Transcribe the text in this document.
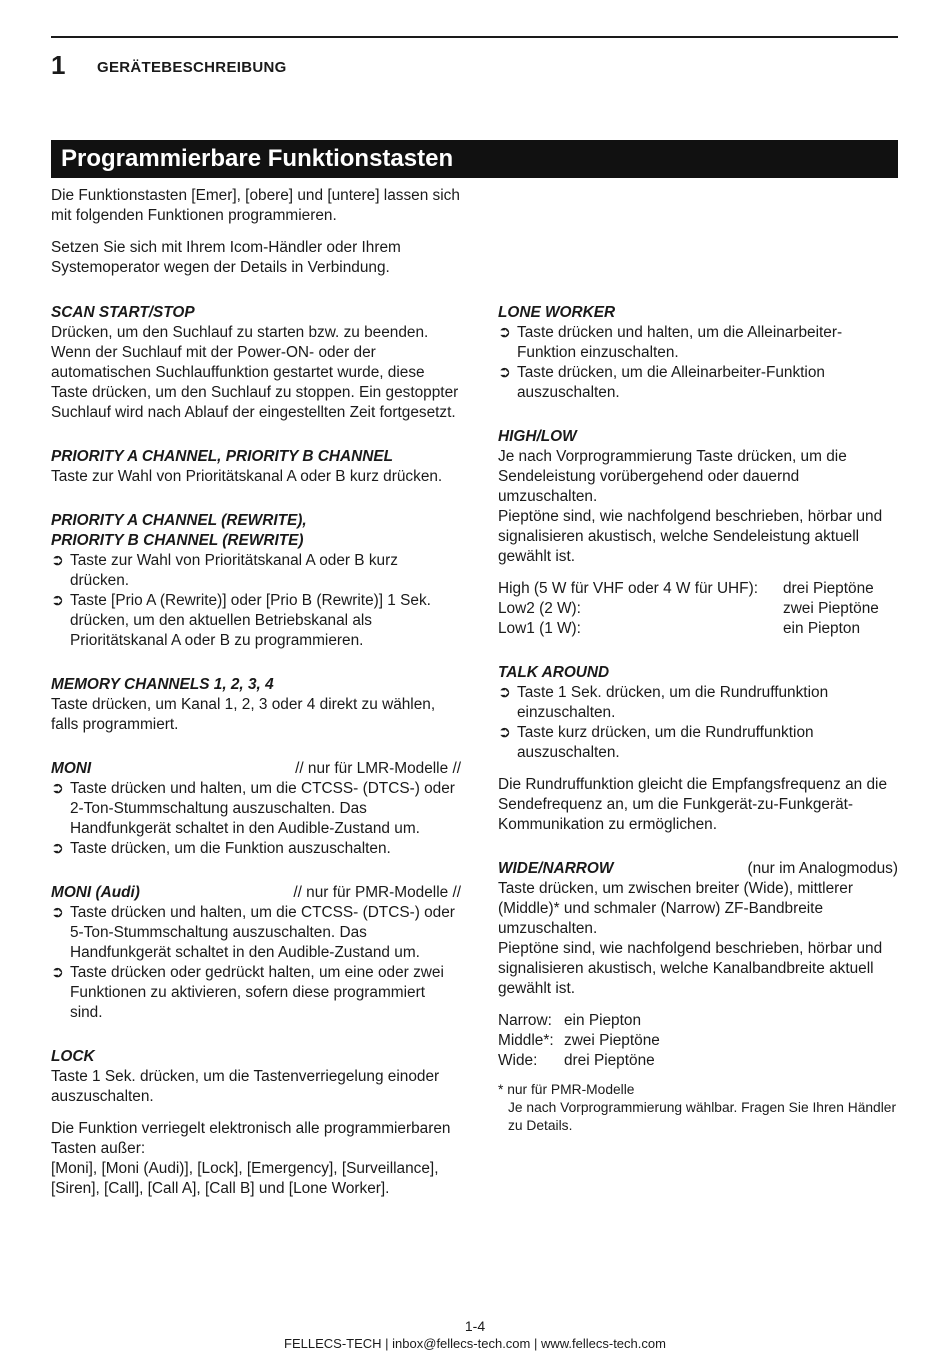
1 GERÄTEBESCHREIBUNG
Programmierbare Funktionstasten

Die Funktionstasten [Emer], [obere] und [untere] lassen sich mit folgenden Funktionen programmieren.

Setzen Sie sich mit Ihrem Icom-Händler oder Ihrem Systemoperator wegen der Details in Verbindung.

SCAN START/STOP

Drücken, um den Suchlauf zu starten bzw. zu beenden. Wenn der Suchlauf mit der Power-ON- oder der automatischen Suchlauffunktion gestartet wurde, diese Taste drücken, um den Suchlauf zu stoppen. Ein gestoppter Suchlauf wird nach Ablauf der eingestellten Zeit fortgesetzt.

PRIORITY A CHANNEL, PRIORITY B CHANNEL

Taste zur Wahl von Prioritätskanal A oder B kurz drücken.

PRIORITY A CHANNEL (REWRITE),
PRIORITY B CHANNEL (REWRITE)
➲ Taste zur Wahl von Prioritätskanal A oder B kurz drücken.
➲ Taste [Prio A (Rewrite)] oder [Prio B (Rewrite)] 1 Sek. drücken, um den aktuellen Betriebskanal als Prioritätskanal A oder B zu programmieren.
MEMORY CHANNELS 1, 2, 3, 4

Taste drücken, um Kanal 1, 2, 3 oder 4 direkt zu wählen, falls programmiert.

MONI	// nur für LMR-Modelle //
➲ Taste drücken und halten, um die CTCSS- (DTCS-) oder 2-Ton-Stummschaltung auszuschalten. Das Handfunkgerät schaltet in den Audible-Zustand um.
➲ Taste drücken, um die Funktion auszuschalten.
MONI (Audi)	// nur für PMR-Modelle //
➲ Taste drücken und halten, um die CTCSS- (DTCS-) oder 5-Ton-Stummschaltung auszuschalten. Das Handfunkgerät schaltet in den Audible-Zustand um.
➲ Taste drücken oder gedrückt halten, um eine oder zwei Funktionen zu aktivieren, sofern diese programmiert sind.
LOCK

Taste 1 Sek. drücken, um die Tastenverriegelung einoder auszuschalten.

Die Funktion verriegelt elektronisch alle programmierbaren Tasten außer:
[Moni], [Moni (Audi)], [Lock], [Emergency], [Surveillance], [Siren], [Call], [Call A], [Call B] und [Lone Worker].
LONE WORKER
➲ Taste drücken und halten, um die Alleinarbeiter-Funktion einzuschalten.
➲ Taste drücken, um die Alleinarbeiter-Funktion auszuschalten.
HIGH/LOW
Je nach Vorprogrammierung Taste drücken, um die Sendeleistung vorübergehend oder dauernd umzuschalten.

Pieptöne sind, wie nachfolgend beschrieben, hörbar und signalisieren akustisch, welche Sendeleistung aktuell gewählt ist.

High (5 W für VHF oder 4 W für UHF):	drei Pieptöne
Low2 (2 W):	zwei Pieptöne
Low1 (1 W):	ein Piepton
TALK AROUND
➲ Taste 1 Sek. drücken, um die Rundruffunktion einzuschalten.
➲ Taste kurz drücken, um die Rundruffunktion auszuschalten.

Die Rundruffunktion gleicht die Empfangsfrequenz an die Sendefrequenz an, um die Funkgerät-zu-Funkgerät-Kommunikation zu ermöglichen.

WIDE/NARROW	(nur im Analogmodus)
Taste drücken, um zwischen breiter (Wide), mittlerer (Middle)* und schmaler (Narrow) ZF-Bandbreite umzuschalten.

Pieptöne sind, wie nachfolgend beschrieben, hörbar und signalisieren akustisch, welche Kanalbandbreite aktuell gewählt ist.

Narrow: ein Piepton
Middle*: zwei Pieptöne
Wide:	drei Pieptöne
* nur für PMR-Modelle
Je nach Vorprogrammierung wählbar. Fragen Sie Ihren Händler zu Details.
1-4
FELLECS-TECH | inbox@fellecs-tech.com | www.fellecs-tech.com
